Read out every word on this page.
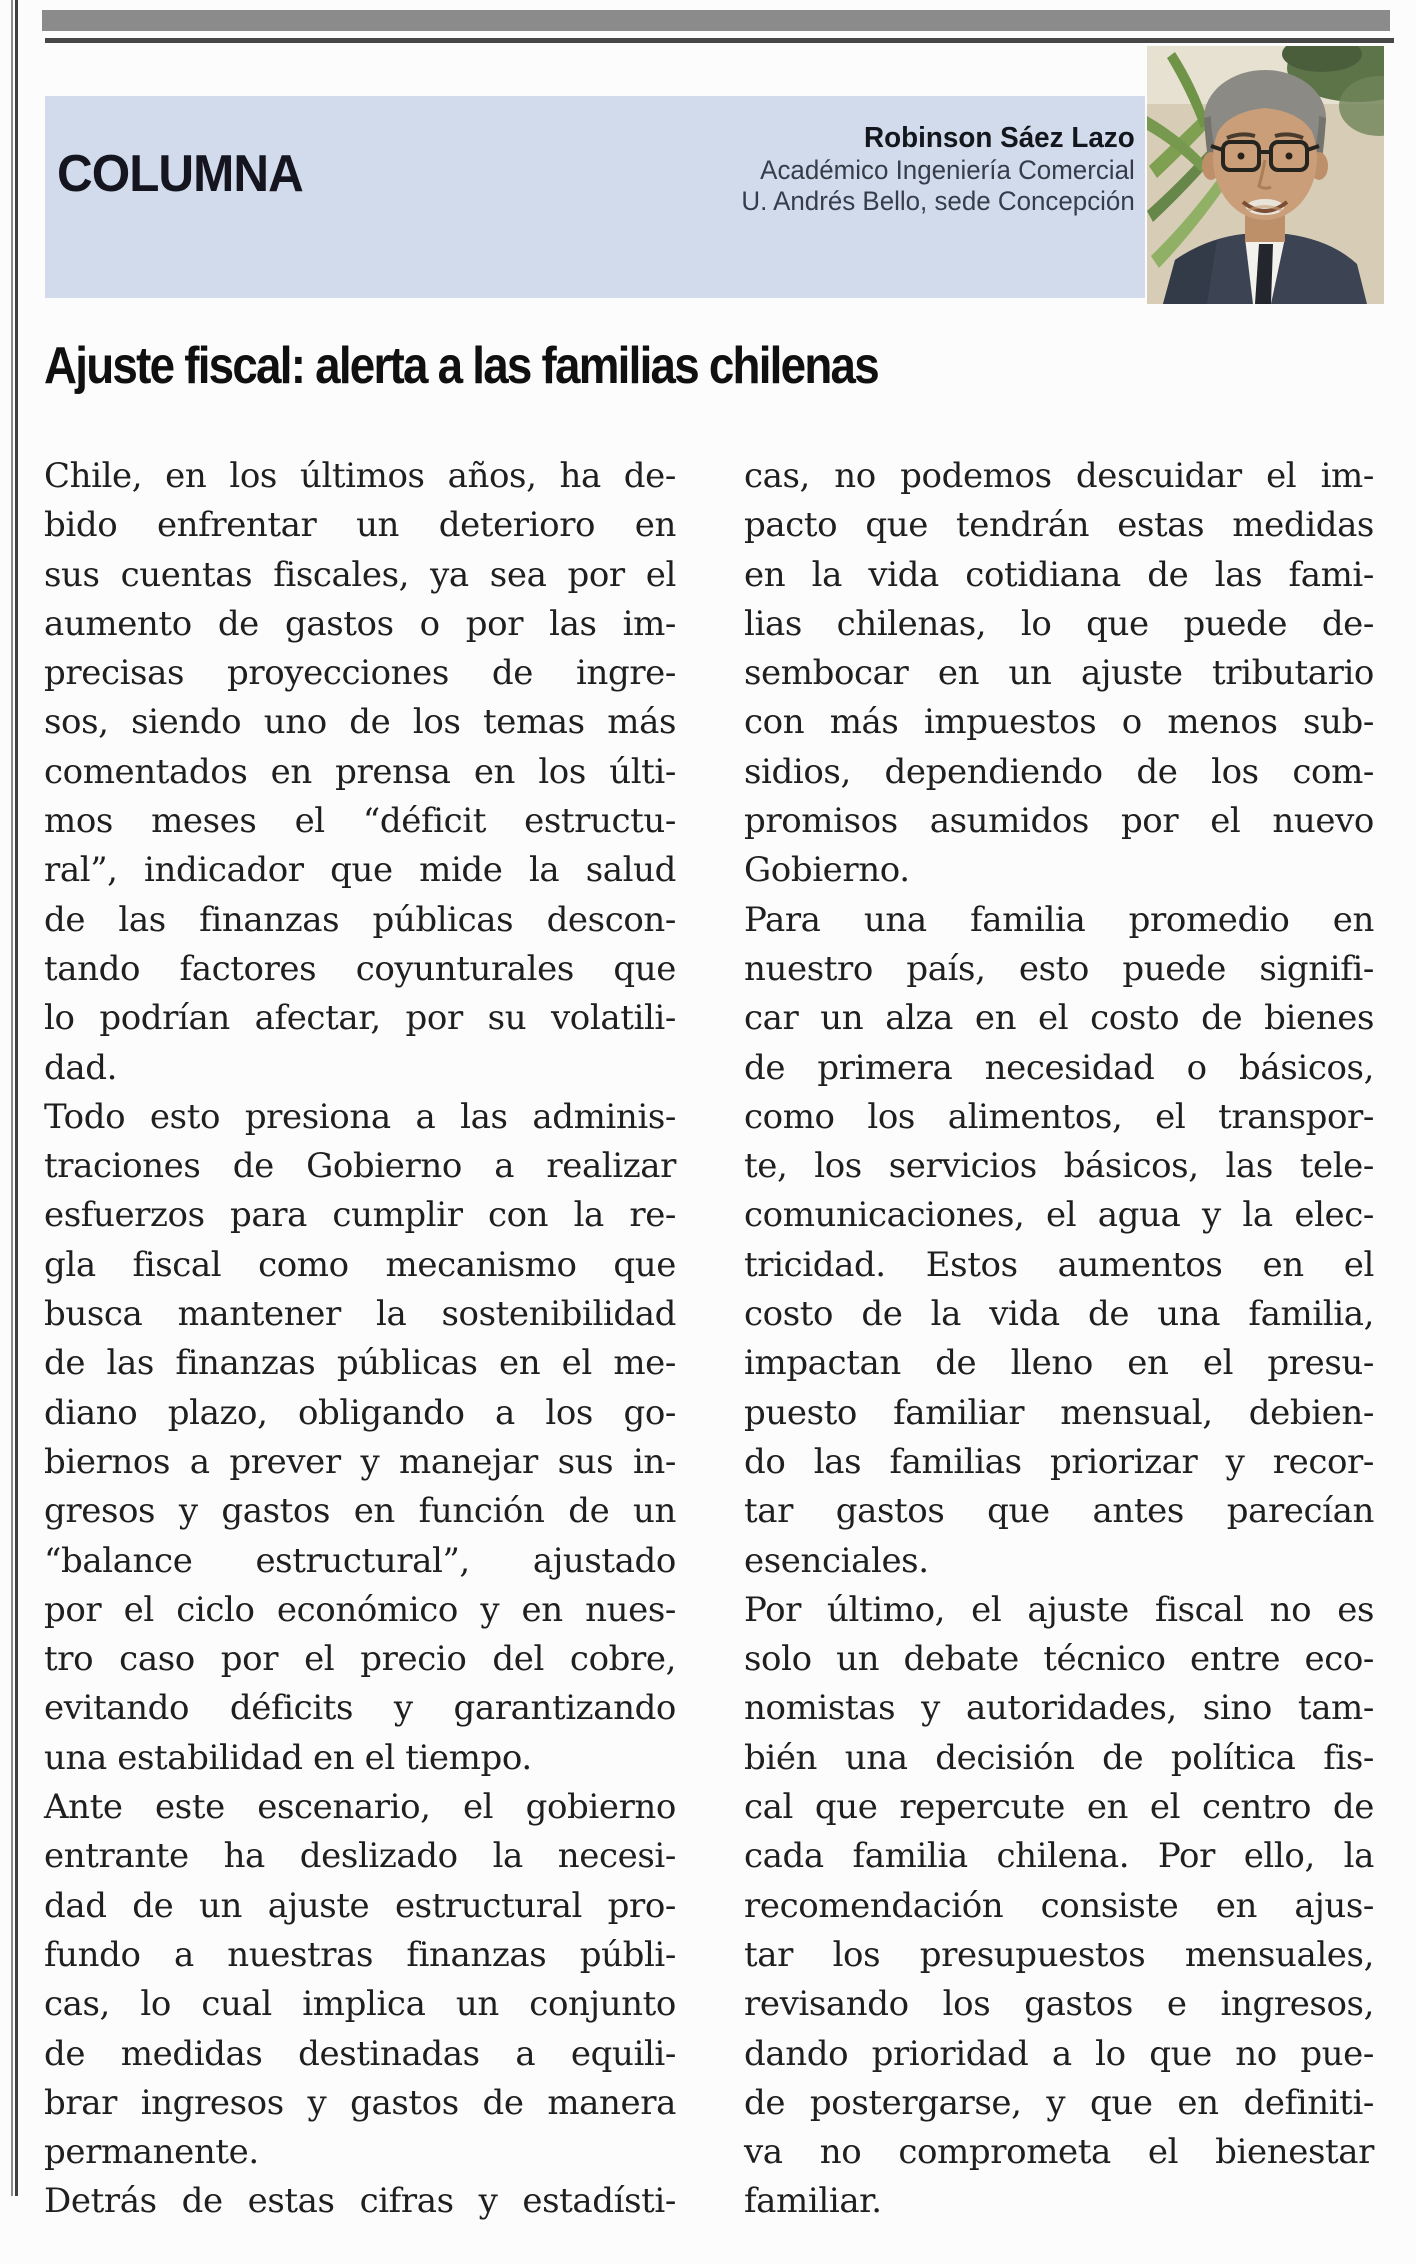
COLUMNA
Robinson Sáez Lazo
Académico Ingeniería Comercial
U. Andrés Bello, sede Concepción
Ajuste fiscal: alerta a las familias chilenas
Chile, en los últimos años, ha de-
bido enfrentar un deterioro en
sus cuentas fiscales, ya sea por el
aumento de gastos o por las im-
precisas proyecciones de ingre-
sos, siendo uno de los temas más
comentados en prensa en los últi-
mos meses el “déficit estructu-
ral”, indicador que mide la salud
de las finanzas públicas descon-
tando factores coyunturales que
lo podrían afectar, por su volatili-
dad.
Todo esto presiona a las adminis-
traciones de Gobierno a realizar
esfuerzos para cumplir con la re-
gla fiscal como mecanismo que
busca mantener la sostenibilidad
de las finanzas públicas en el me-
diano plazo, obligando a los go-
biernos a prever y manejar sus in-
gresos y gastos en función de un
“balance estructural”, ajustado
por el ciclo económico y en nues-
tro caso por el precio del cobre,
evitando déficits y garantizando
una estabilidad en el tiempo.
Ante este escenario, el gobierno
entrante ha deslizado la necesi-
dad de un ajuste estructural pro-
fundo a nuestras finanzas públi-
cas, lo cual implica un conjunto
de medidas destinadas a equili-
brar ingresos y gastos de manera
permanente.
Detrás de estas cifras y estadísti-
cas, no podemos descuidar el im-
pacto que tendrán estas medidas
en la vida cotidiana de las fami-
lias chilenas, lo que puede de-
sembocar en un ajuste tributario
con más impuestos o menos sub-
sidios, dependiendo de los com-
promisos asumidos por el nuevo
Gobierno.
Para una familia promedio en
nuestro país, esto puede signifi-
car un alza en el costo de bienes
de primera necesidad o básicos,
como los alimentos, el transpor-
te, los servicios básicos, las tele-
comunicaciones, el agua y la elec-
tricidad. Estos aumentos en el
costo de la vida de una familia,
impactan de lleno en el presu-
puesto familiar mensual, debien-
do las familias priorizar y recor-
tar gastos que antes parecían
esenciales.
Por último, el ajuste fiscal no es
solo un debate técnico entre eco-
nomistas y autoridades, sino tam-
bién una decisión de política fis-
cal que repercute en el centro de
cada familia chilena. Por ello, la
recomendación consiste en ajus-
tar los presupuestos mensuales,
revisando los gastos e ingresos,
dando prioridad a lo que no pue-
de postergarse, y que en definiti-
va no comprometa el bienestar
familiar.
